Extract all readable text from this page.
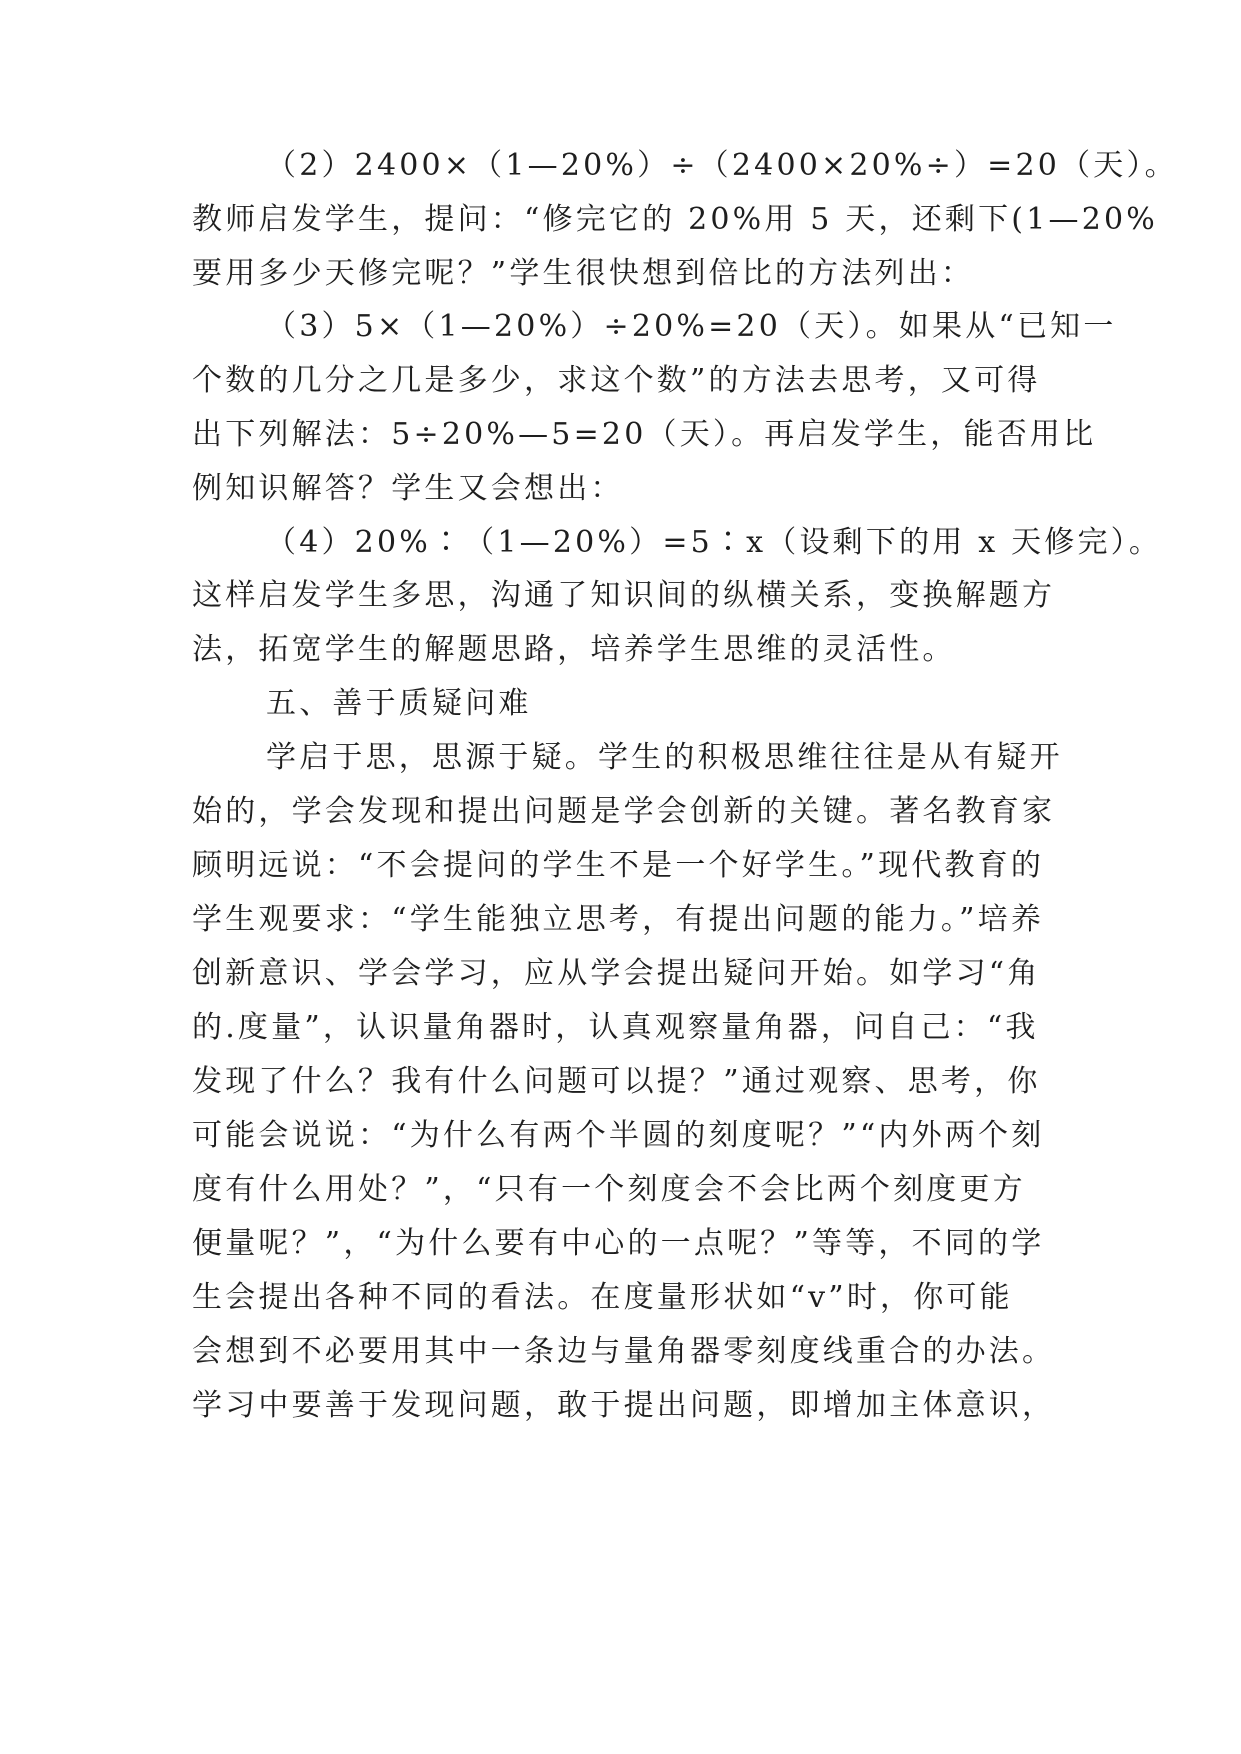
（2）2400×（1—20%）÷（2400×20%÷）=20（天）。
教师启发学生，提问：“修完它的 20%用 5 天，还剩下(1—20%
要用多少天修完呢？”学生很快想到倍比的方法列出：
（3）5×（1—20%）÷20%=20（天）。如果从“已知一
个数的几分之几是多少，求这个数”的方法去思考，又可得
出下列解法：5÷20%—5=20（天）。再启发学生，能否用比
例知识解答？学生又会想出：
（4）20%∶（1—20%）=5∶x（设剩下的用 x 天修完）。
这样启发学生多思，沟通了知识间的纵横关系，变换解题方
法，拓宽学生的解题思路，培养学生思维的灵活性。
五、善于质疑问难
学启于思，思源于疑。学生的积极思维往往是从有疑开
始的，学会发现和提出问题是学会创新的关键。著名教育家
顾明远说：“不会提问的学生不是一个好学生。”现代教育的
学生观要求：“学生能独立思考，有提出问题的能力。”培养
创新意识、学会学习，应从学会提出疑问开始。如学习“角
的.度量”，认识量角器时，认真观察量角器，问自己：“我
发现了什么？我有什么问题可以提？”通过观察、思考，你
可能会说说：“为什么有两个半圆的刻度呢？”“内外两个刻
度有什么用处？”，“只有一个刻度会不会比两个刻度更方
便量呢？”，“为什么要有中心的一点呢？”等等，不同的学
生会提出各种不同的看法。在度量形状如“v”时，你可能
会想到不必要用其中一条边与量角器零刻度线重合的办法。
学习中要善于发现问题，敢于提出问题，即增加主体意识，
